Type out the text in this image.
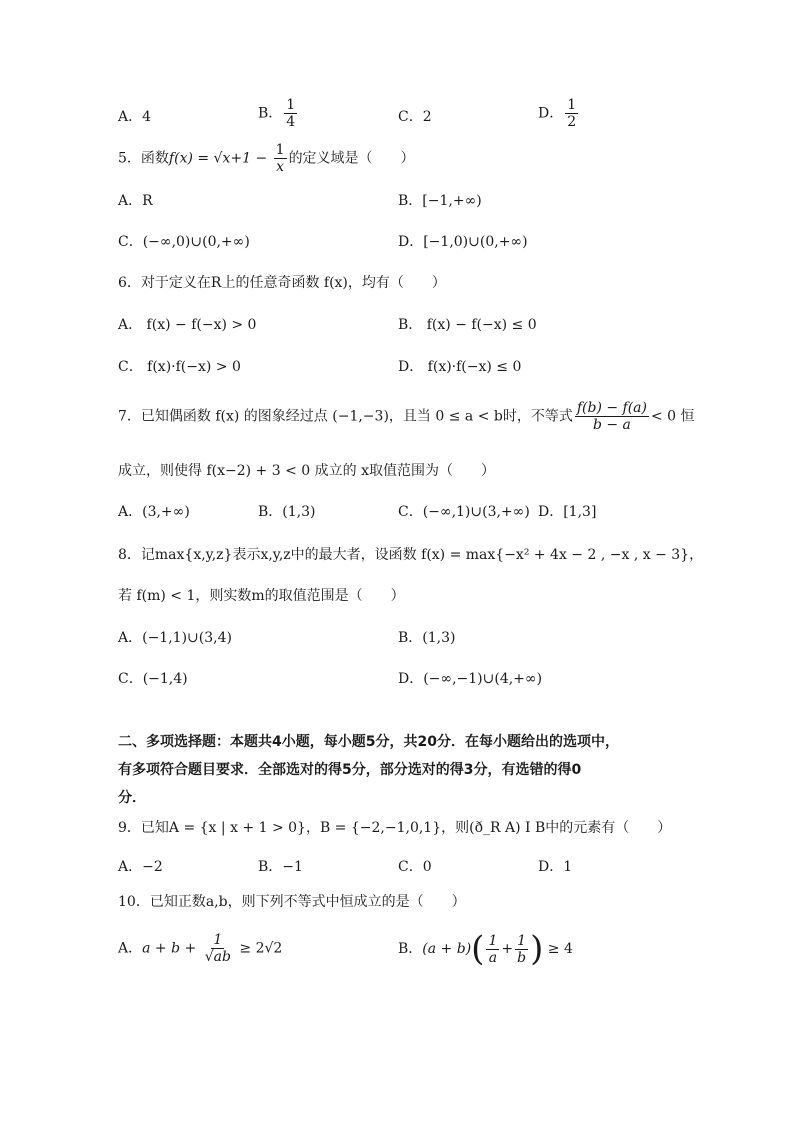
A．4	B． $\frac{1}{4}$	C．2	D． $\frac{1}{2}$
5．函数$f(x) = √x+1 - \frac{1}{x}$ 的定义域是（　　）
A．R	B．[−1,+∞)
C．(−∞,0)∪(0,+∞)	D．[−1,0)∪(0,+∞)
6．对于定义在R上的任意奇函数 f(x)，均有（　　）
A． f(x) − f(−x) > 0	B． f(x) − f(−x) ≤ 0
C． f(x)·f(−x) > 0	D． f(x)·f(−x) ≤ 0
7．已知偶函数 f(x) 的图象经过点 (−1,−3)，且当 0 ≤ a < b时，不等式 $\frac{f(b) - f(a)}{b - a} < 0$ 恒
成立，则使得 f(x−2) + 3 < 0 成立的 x取值范围为（　　）
A．(3,+∞)	B．(1,3)	C．(−∞,1)∪(3,+∞) D．[1,3]
8．记max{x,y,z}表示x,y,z中的最大者，设函数 f(x) = max{−x² + 4x − 2 , −x , x − 3}，
若 f(m) < 1，则实数m的取值范围是（　　）
A．(−1,1)∪(3,4)	B．(1,3)
C．(−1,4)	D．(−∞,−1)∪(4,+∞)
二、多项选择题：本题共4小题，每小题5分，共20分．在每小题给出的选项中，
有多项符合题目要求．全部选对的得5分，部分选对的得3分，有选错的得0
分．
9．已知A = {x | x + 1 > 0}，B = {−2,−1,0,1}，则(ð_R A) I B中的元素有（　　）
A．−2	B．−1	C．0	D．1
10．已知正数a,b，则下列不等式中恒成立的是（　　）
A．$a + b + \frac{1}{√ab} \ge 2√2$	B．$(a + b)( \frac{1}{a} + \frac{1}{b}$ ) ≥ 4
